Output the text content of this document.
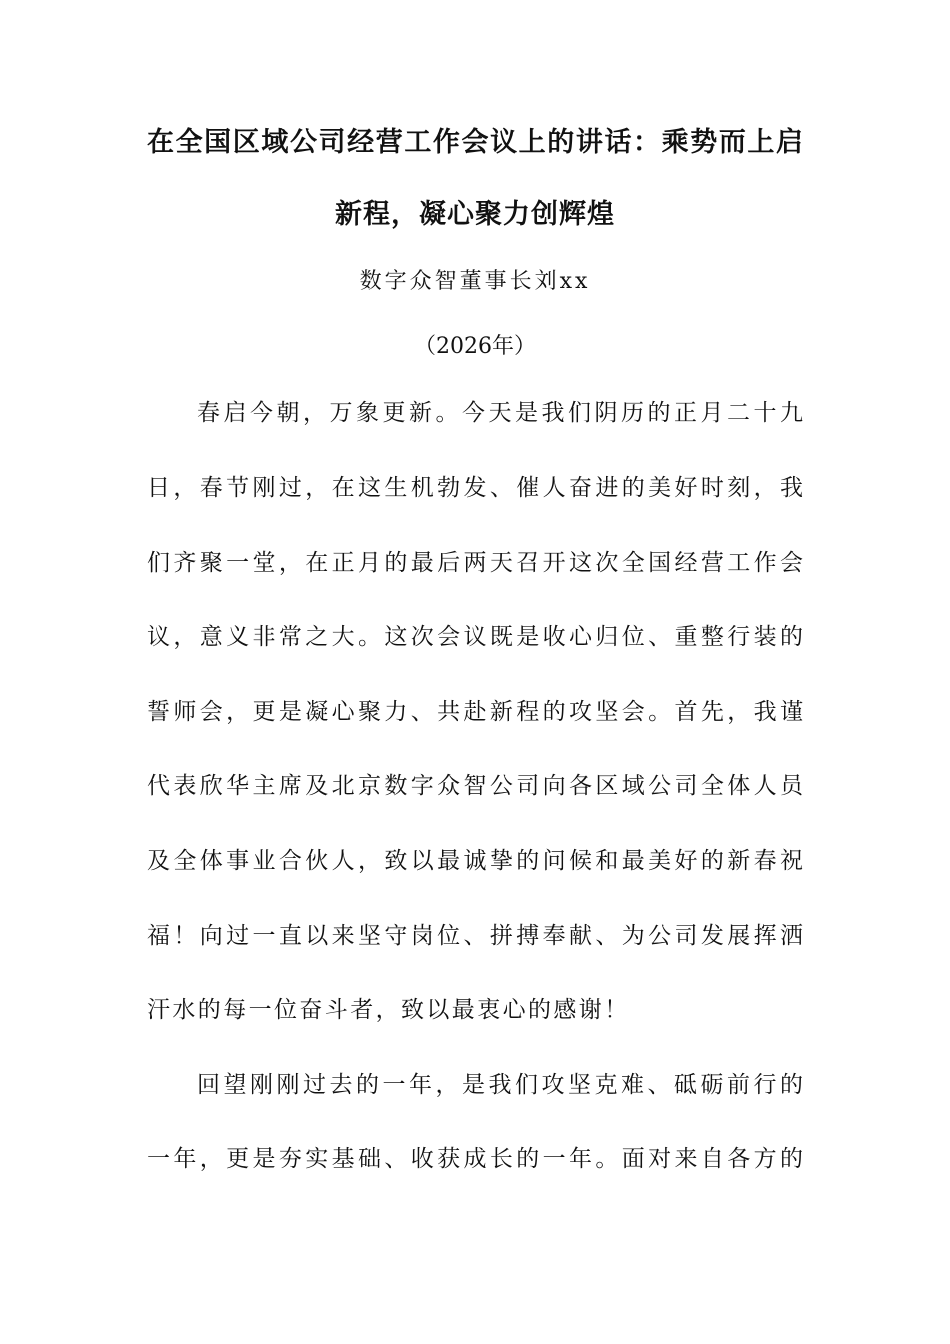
在全国区域公司经营工作会议上的讲话：乘势而上启
新程，凝心聚力创辉煌
数字众智董事长刘xx
（2026年）
春启今朝，万象更新。今天是我们阴历的正月二十九
日，春节刚过，在这生机勃发、催人奋进的美好时刻，我
们齐聚一堂，在正月的最后两天召开这次全国经营工作会
议，意义非常之大。这次会议既是收心归位、重整行装的
誓师会，更是凝心聚力、共赴新程的攻坚会。首先，我谨
代表欣华主席及北京数字众智公司向各区域公司全体人员
及全体事业合伙人，致以最诚挚的问候和最美好的新春祝
福！向过一直以来坚守岗位、拼搏奉献、为公司发展挥洒
汗水的每一位奋斗者，致以最衷心的感谢！
回望刚刚过去的一年，是我们攻坚克难、砥砺前行的
一年，更是夯实基础、收获成长的一年。面对来自各方的
